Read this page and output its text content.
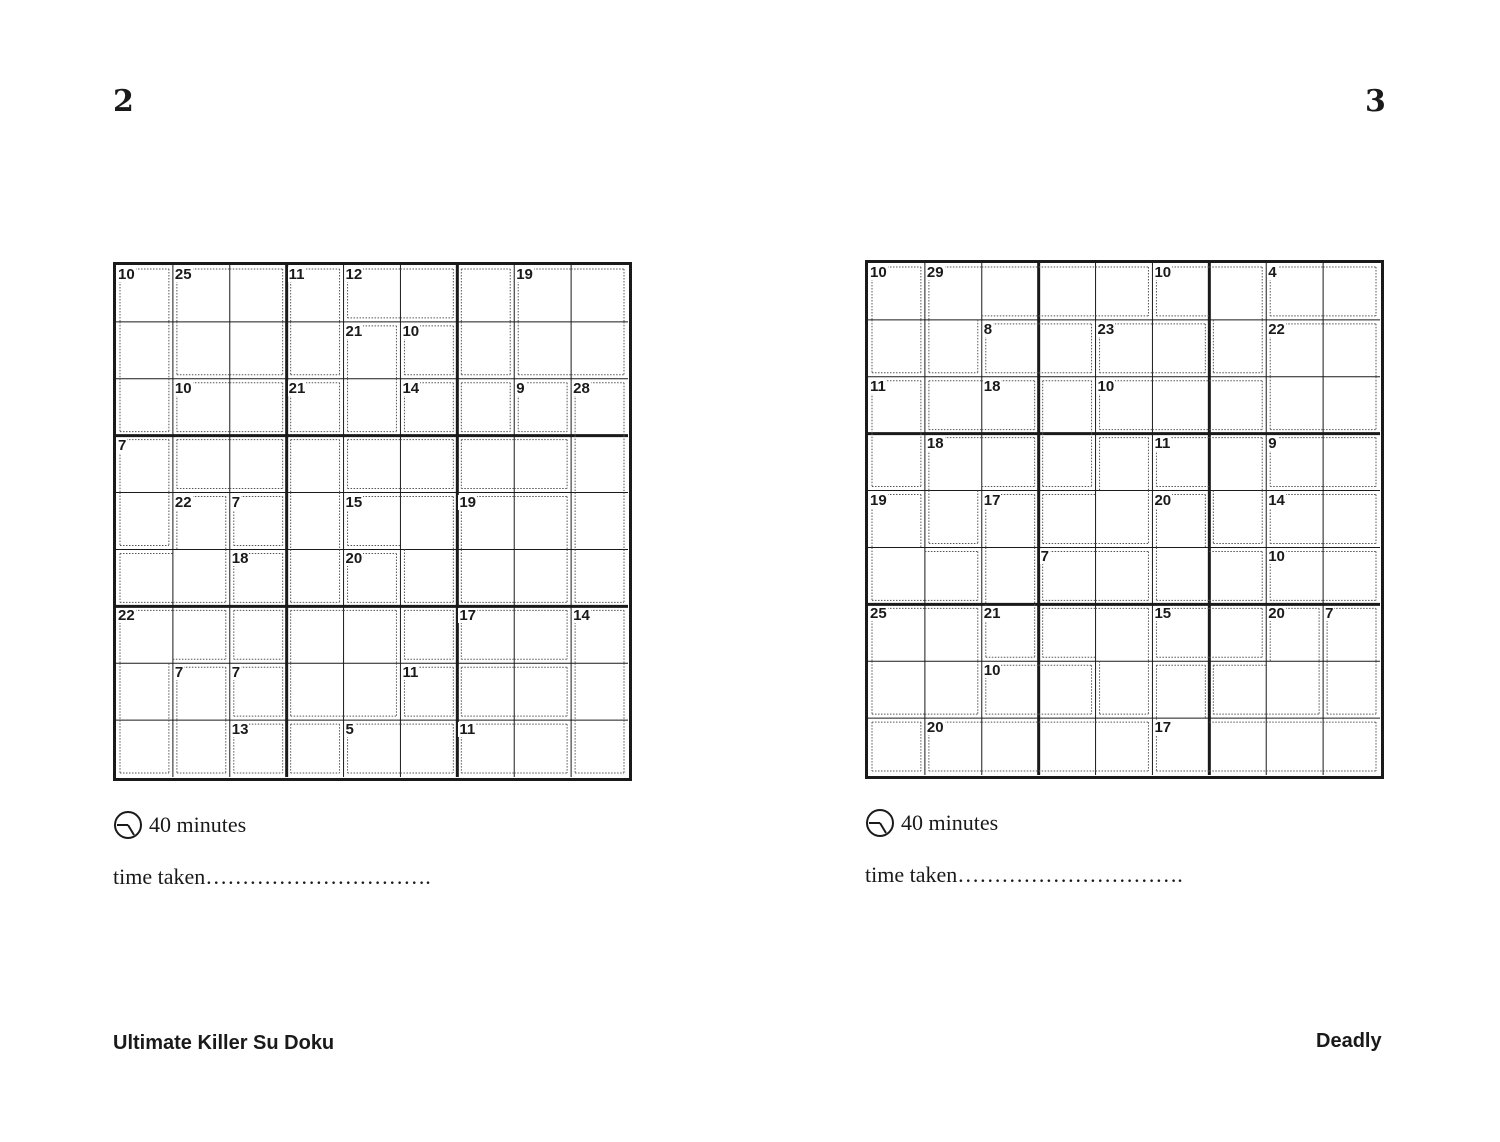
2
10	25	11	12	19
21	10
10	21	14	9	28
7
22	7	15	19
18	20
22	17	14
7	7	11
13	5	11
40 minutes
time taken………………………….
Ultimate Killer Su Doku
3
10	29	10	4
8	23	22
11	18	10
18	11	9
19	17	20	14
7	10
25	21	15	20	7
10
20	17
40 minutes
time taken………………………….
Deadly
